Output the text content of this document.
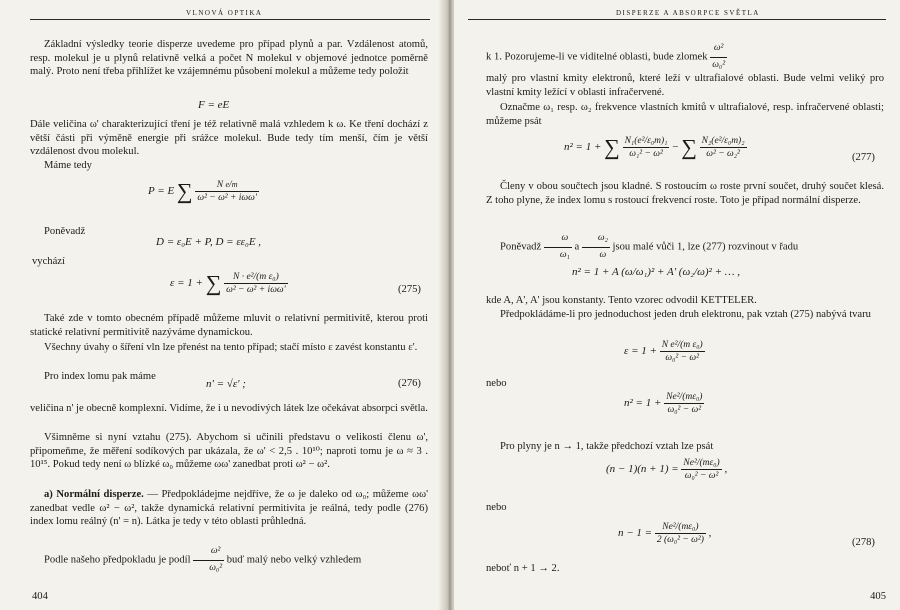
VLNOVÁ OPTIKA

Základní výsledky teorie disperze uvedeme pro případ plynů a par. Vzdálenost atomů, resp. molekul je u plynů relativně velká a počet N molekul v objemové jednotce poměrně malý. Proto není třeba přihlížet ke vzájemnému působení molekul a můžeme tedy položit

F = eE

Dále veličina ω' charakterizující tření je též relativně malá vzhledem k ω. Ke tření dochází z větší části při výměně energie při srážce molekul. Bude tedy tím menší, čím je větší vzdálenost dvou molekul.

Máme tedy

P = E ∑ $\frac{\text{N e/m}}{\text{ω² − ω² + iωω'}}$
Poněvadž
D = ε₀E + P, D = εε₀E ,
vychází
ε = 1 + ∑ $\frac{\text{N · e²/(m ε₀)}}{\text{ω² − ω² + iωω'}}$	(275)

Také zde v tomto obecném případě můžeme mluvit o relativní permitivitě, kterou proti statické relativní permitivitě nazýváme dynamickou.

Všechny úvahy o šíření vln lze přenést na tento případ; stačí místo ε zavést konstantu ε'.

Pro index lomu pak máme

n' = √ε' ;	(276)

veličina n' je obecně komplexní. Vidíme, že i u nevodivých látek lze očekávat absorpci světla.

Všimněme si nyní vztahu (275). Abychom si učinili představu o velikosti členu ω', připomeňme, že měření sodíkových par ukázala, že ω' < 2,5 . 10¹⁰; naproti tomu je ω ≈ 3 . 10¹⁵. Pokud tedy není ω blízké ω₀ můžeme ωω' zanedbat proti ω² − ω².

a) Normální disperze. — Předpokládejme nejdříve, že ω je daleko od ω₀; můžeme ωω' zanedbat vedle ω² − ω², takže dynamická relativní permitivita je reálná, tedy podle (276) index lomu reálný (n' = n). Látka je tedy v této oblasti průhledná.

Podle našeho předpokladu je podíl $\frac{\text{ω²}}{\text{ω₀²}}$ buď malý nebo velký vzhledem
404
DISPERZE A ABSORPCE SVĚTLA
k 1. Pozorujeme-li ve viditelné oblasti, bude zlomek $\frac{\text{ω²}}{\text{ω₀²}}$

malý pro vlastní kmity elektronů, které leží v ultrafialové oblasti. Bude velmi veliký pro vlastní kmity ležící v oblasti infračervené.

Označme ω₁ resp. ω₂ frekvence vlastních kmitů v ultrafialové, resp. infračervené oblasti; můžeme psát

n² = 1 + ∑ $\frac{\text{N₁(e²/ε₀m)₁}}{\text{ω₁² − ω²}}$ − ∑ $\frac{\text{N₂(e²/ε₀m)₂}}{\text{ω² − ω₂²}}$	(277)

Členy v obou součtech jsou kladné. S rostoucím ω roste první součet, druhý součet klesá. Z toho plyne, že index lomu s rostoucí frekvencí roste. Toto je případ normální disperze.

Poněvadž $\frac{\omega}{\text{ω₁}}$ a $\frac{\text{ω₂}}{\omega}$ jsou malé vůči 1, lze (277) rozvinout v řadu
n² = 1 + A (ω/ω₁)² + A' (ω₂/ω)² + … ,

kde A, A', A' jsou konstanty. Tento vzorec odvodil KETTELER.

Předpokládáme-li pro jednoduchost jeden druh elektronu, pak vztah (275) nabývá tvaru

$\varepsilon = 1 + \frac{\text{N e²/(m ε₀)}}{\text{ω₀² − ω²}}$
nebo
$n^2 = 1 + \frac{\text{Ne²/(mε₀)}}{\text{ω₀² − ω²}}$

Pro plyny je n → 1, takže předchozí vztah lze psát

$(n - 1)(n + 1) = \frac{\text{Ne²/(mε₀)}}{\text{ω₀² − ω²}}$ ,
nebo
$n - 1 = \frac{\text{Ne²/(mε₀)}}{\text{2 (ω₀² − ω²)}}$ ,
(278)

neboť n + 1 → 2.

405
